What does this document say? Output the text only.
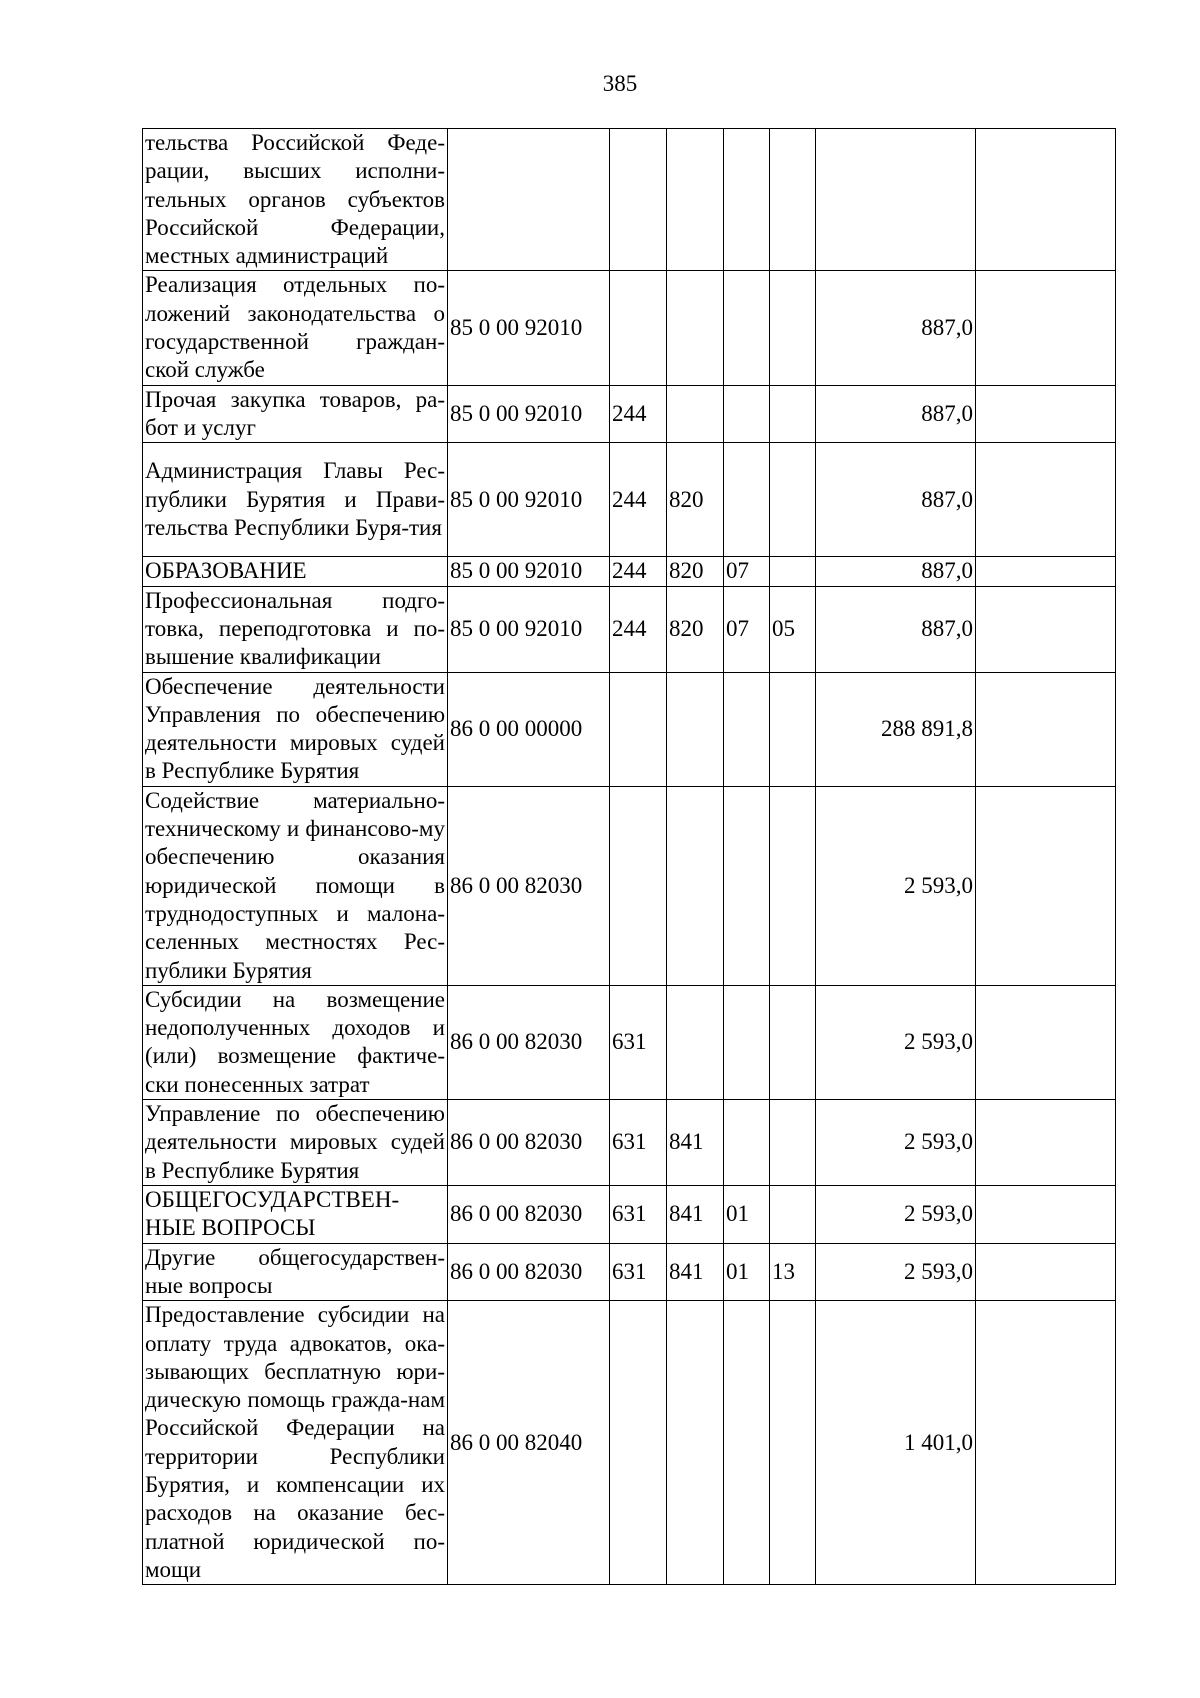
385
тельства Российской Феде-рации, высших исполни-тельных органов субъектов Российской Федерации, местных администраций							
Реализация отдельных по-ложений законодательства о государственной граждан-ской службе	85 0 00 92010					887,0	
Прочая закупка товаров, ра-бот и услуг	85 0 00 92010	244				887,0	
Администрация Главы Рес-публики Бурятия и Прави-тельства Республики Буря-тия	85 0 00 92010	244	820			887,0	
ОБРАЗОВАНИЕ	85 0 00 92010	244	820	07		887,0	
Профессиональная подго-товка, переподготовка и по-вышение квалификации	85 0 00 92010	244	820	07	05	887,0	
Обеспечение деятельности Управления по обеспечению деятельности мировых судей в Республике Бурятия	86 0 00 00000					288 891,8	
Содействие материально-техническому и финансово-му обеспечению оказания юридической помощи в труднодоступных и малона-селенных местностях Рес-публики Бурятия	86 0 00 82030					2 593,0	
Субсидии на возмещение недополученных доходов и (или) возмещение фактиче-ски понесенных затрат	86 0 00 82030	631				2 593,0	
Управление по обеспечению деятельности мировых судей в Республике Бурятия	86 0 00 82030	631	841			2 593,0	
ОБЩЕГОСУДАРСТВЕН-НЫЕ ВОПРОСЫ	86 0 00 82030	631	841	01		2 593,0	
Другие общегосударствен-ные вопросы	86 0 00 82030	631	841	01	13	2 593,0	
Предоставление субсидии на оплату труда адвокатов, ока-зывающих бесплатную юри-дическую помощь гражда-нам Российской Федерации на территории Республики Бурятия, и компенсации их расходов на оказание бес-платной юридической по-мощи	86 0 00 82040					1 401,0	
